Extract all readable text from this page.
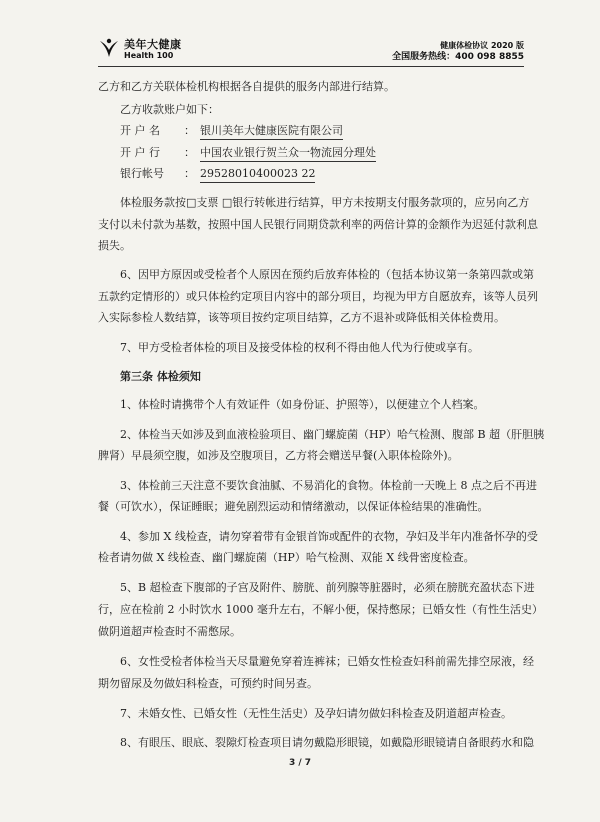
美年大健康
Health 100
健康体检协议 2020 版
全国服务热线：400 098 8855
乙方和乙方关联体检机构根据各自提供的服务内部进行结算。
乙方收款账户如下：
开 户 名 ： 银川美年大健康医院有限公司
开 户 行 ： 中国农业银行贺兰众一物流园分理处
银行帐号 ： 29528010400023 22
体检服务款按□支票 □银行转帐进行结算，甲方未按期支付服务款项的，应另向乙方
支付以未付款为基数，按照中国人民银行同期贷款利率的两倍计算的金额作为迟延付款利息
损失。
6、因甲方原因或受检者个人原因在预约后放弃体检的（包括本协议第一条第四款或第
五款约定情形的）或只体检约定项目内容中的部分项目，均视为甲方自愿放弃，该等人员列
入实际参检人数结算，该等项目按约定项目结算，乙方不退补或降低相关体检费用。
7、甲方受检者体检的项目及接受体检的权利不得由他人代为行使或享有。
第三条 体检须知
1、体检时请携带个人有效证件（如身份证、护照等），以便建立个人档案。
2、体检当天如涉及到血液检验项目、幽门螺旋菌（HP）哈气检测、腹部 B 超（肝胆胰
脾肾）早晨须空腹，如涉及空腹项目，乙方将会赠送早餐(入职体检除外)。
3、体检前三天注意不要饮食油腻、不易消化的食物。体检前一天晚上 8 点之后不再进
餐（可饮水），保证睡眠；避免剧烈运动和情绪激动，以保证体检结果的准确性。
4、参加 X 线检查，请勿穿着带有金银首饰或配件的衣物，孕妇及半年内准备怀孕的受
检者请勿做 X 线检查、幽门螺旋菌（HP）哈气检测、双能 X 线骨密度检查。
5、B 超检查下腹部的子宫及附件、膀胱、前列腺等脏器时，必须在膀胱充盈状态下进
行，应在检前 2 小时饮水 1000 毫升左右，不解小便，保持憋尿；已婚女性（有性生活史）
做阴道超声检查时不需憋尿。
6、女性受检者体检当天尽量避免穿着连裤袜；已婚女性检查妇科前需先排空尿液，经
期勿留尿及勿做妇科检查，可预约时间另查。
7、未婚女性、已婚女性（无性生活史）及孕妇请勿做妇科检查及阴道超声检查。
8、有眼压、眼底、裂隙灯检查项目请勿戴隐形眼镜，如戴隐形眼镜请自备眼药水和隐
3 / 7
